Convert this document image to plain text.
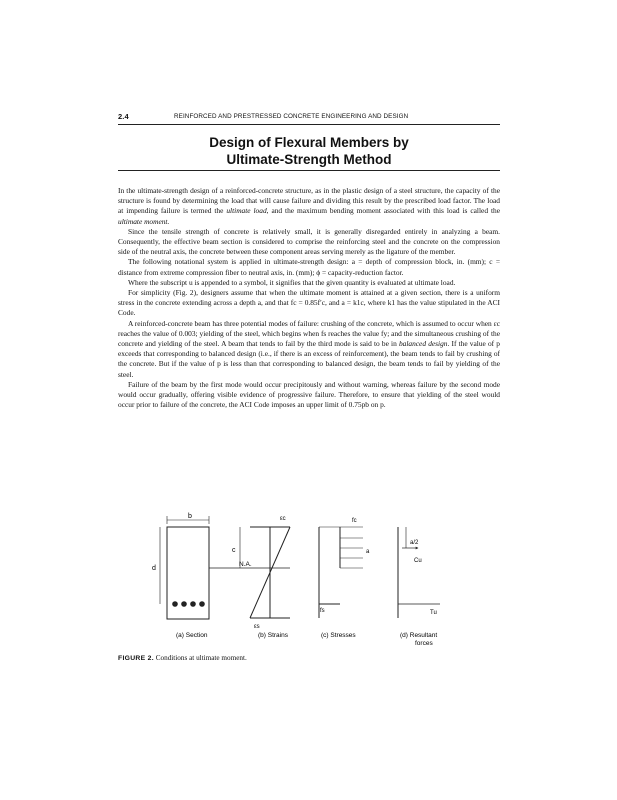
2.4	REINFORCED AND PRESTRESSED CONCRETE ENGINEERING AND DESIGN
Design of Flexural Members by
Ultimate-Strength Method

In the ultimate-strength design of a reinforced-concrete structure, as in the plastic design of a steel structure, the capacity of the structure is found by determining the load that will cause failure and dividing this result by the prescribed load factor. The load at impending failure is termed the ultimate load, and the maximum bending moment associated with this load is called the ultimate moment.

Since the tensile strength of concrete is relatively small, it is generally disregarded entirely in analyzing a beam. Consequently, the effective beam section is considered to comprise the reinforcing steel and the concrete on the compression side of the neutral axis, the concrete between these component areas serving merely as the ligature of the member.

The following notational system is applied in ultimate-strength design: a = depth of compression block, in. (mm); c = distance from extreme compression fiber to neutral axis, in. (mm); ϕ = capacity-reduction factor.

Where the subscript u is appended to a symbol, it signifies that the given quantity is evaluated at ultimate load.

For simplicity (Fig. 2), designers assume that when the ultimate moment is attained at a given section, there is a uniform stress in the concrete extending across a depth a, and that fc = 0.85f′c, and a = k1c, where k1 has the value stipulated in the ACI Code.

A reinforced-concrete beam has three potential modes of failure: crushing of the concrete, which is assumed to occur when εc reaches the value of 0.003; yielding of the steel, which begins when fs reaches the value fy; and the simultaneous crushing of the concrete and yielding of the steel. A beam that tends to fail by the third mode is said to be in balanced design. If the value of p exceeds that corresponding to balanced design (i.e., if there is an excess of reinforcement), the beam tends to fail by crushing of the concrete. But if the value of p is less than that corresponding to balanced design, the beam tends to fail by yielding of the steel.

Failure of the beam by the first mode would occur precipitously and without warning, whereas failure by the second mode would occur gradually, offering visible evidence of progressive failure. Therefore, to ensure that yielding of the steel would occur prior to failure of the concrete, the ACI Code imposes an upper limit of 0.75pb on p.

b
d
c
N.A.
εc
εs
fc
a
fs
a/2
Cu
Tu
(a) Section	(b) Strains	(c) Stresses	(d) Resultant
forces
FIGURE 2. Conditions at ultimate moment.
